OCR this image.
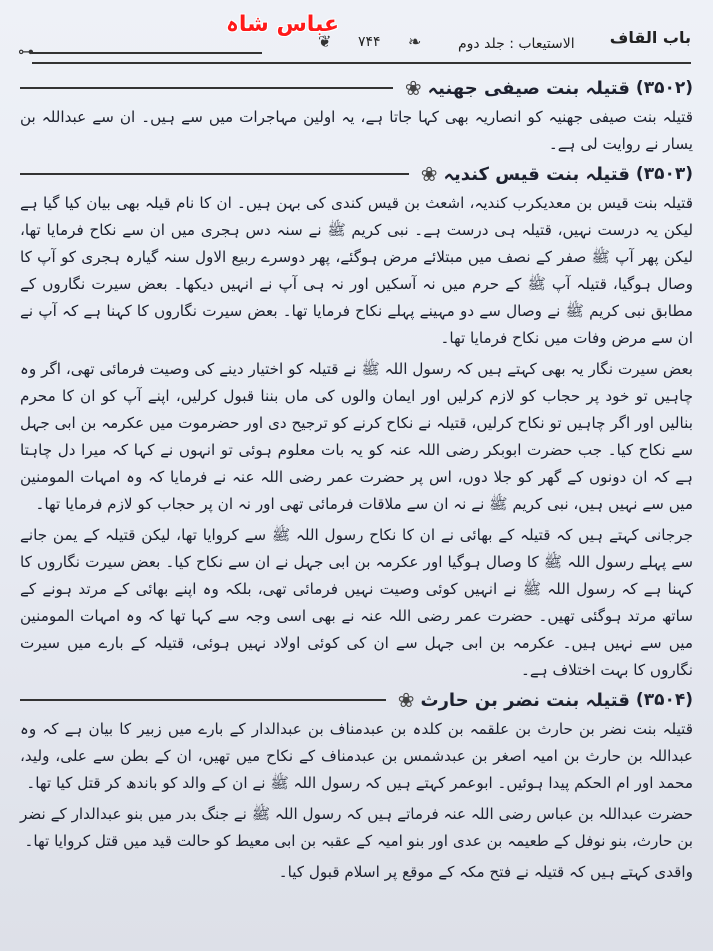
⊶
عباس شاہ
باب القاف
❦ ۷۴۴ ❧	الاستیعاب : جلد دوم
(۳۵۰۲)
قتیلہ بنت صیفی جھنیہ
❀

قتیلہ بنت صیفی جھنیہ کو انصاریہ بھی کہا جاتا ہے، یہ اولین مہاجرات میں سے ہیں۔ ان سے عبداللہ بن یسار نے روایت لی ہے۔

(۳۵۰۳)
قتیلہ بنت قیس کندیہ
❀

قتیلہ بنت قیس بن معدیکرب کندیہ، اشعث بن قیس کندی کی بہن ہیں۔ ان کا نام قیلہ بھی بیان کیا گیا ہے لیکن یہ درست نہیں، قتیلہ ہی درست ہے۔ نبی کریم ﷺ نے سنہ دس ہجری میں ان سے نکاح فرمایا تھا، لیکن پھر آپ ﷺ صفر کے نصف میں مبتلائے مرض ہوگئے، پھر دوسرے ربیع الاول سنہ گیارہ ہجری کو آپ کا وصال ہوگیا، قتیلہ آپ ﷺ کے حرم میں نہ آسکیں اور نہ ہی آپ نے انہیں دیکھا۔ بعض سیرت نگاروں کے مطابق نبی کریم ﷺ نے وصال سے دو مہینے پہلے نکاح فرمایا تھا۔ بعض سیرت نگاروں کا کہنا ہے کہ آپ نے ان سے مرض وفات میں نکاح فرمایا تھا۔

بعض سیرت نگار یہ بھی کہتے ہیں کہ رسول اللہ ﷺ نے قتیلہ کو اختیار دینے کی وصیت فرمائی تھی، اگر وہ چاہیں تو خود پر حجاب کو لازم کرلیں اور ایمان والوں کی ماں بننا قبول کرلیں، اپنے آپ کو ان کا محرم بنالیں اور اگر چاہیں تو نکاح کرلیں، قتیلہ نے نکاح کرنے کو ترجیح دی اور حضرموت میں عکرمہ بن ابی جہل سے نکاح کیا۔ جب حضرت ابوبکر رضی اللہ عنہ کو یہ بات معلوم ہوئی تو انہوں نے کہا کہ میرا دل چاہتا ہے کہ ان دونوں کے گھر کو جلا دوں، اس پر حضرت عمر رضی اللہ عنہ نے فرمایا کہ وہ امہات المومنین میں سے نہیں ہیں، نبی کریم ﷺ نے نہ ان سے ملاقات فرمائی تھی اور نہ ان پر حجاب کو لازم فرمایا تھا۔

جرجانی کہتے ہیں کہ قتیلہ کے بھائی نے ان کا نکاح رسول اللہ ﷺ سے کروایا تھا، لیکن قتیلہ کے یمن جانے سے پہلے رسول اللہ ﷺ کا وصال ہوگیا اور عکرمہ بن ابی جہل نے ان سے نکاح کیا۔ بعض سیرت نگاروں کا کہنا ہے کہ رسول اللہ ﷺ نے انہیں کوئی وصیت نہیں فرمائی تھی، بلکہ وہ اپنے بھائی کے مرتد ہونے کے ساتھ مرتد ہوگئی تھیں۔ حضرت عمر رضی اللہ عنہ نے بھی اسی وجہ سے کہا تھا کہ وہ امہات المومنین میں سے نہیں ہیں۔ عکرمہ بن ابی جہل سے ان کی کوئی اولاد نہیں ہوئی، قتیلہ کے بارے میں سیرت نگاروں کا بہت اختلاف ہے۔

(۳۵۰۴)
قتیلہ بنت نضر بن حارث
❀

قتیلہ بنت نضر بن حارث بن علقمہ بن کلدہ بن عبدمناف بن عبدالدار کے بارے میں زبیر کا بیان ہے کہ وہ عبداللہ بن حارث بن امیہ اصغر بن عبدشمس بن عبدمناف کے نکاح میں تھیں، ان کے بطن سے علی، ولید، محمد اور ام الحکم پیدا ہوئیں۔ ابوعمر کہتے ہیں کہ رسول اللہ ﷺ نے ان کے والد کو باندھ کر قتل کیا تھا۔

حضرت عبداللہ بن عباس رضی اللہ عنہ فرماتے ہیں کہ رسول اللہ ﷺ نے جنگ بدر میں بنو عبدالدار کے نضر بن حارث، بنو نوفل کے طعیمہ بن عدی اور بنو امیہ کے عقبہ بن ابی معیط کو حالت قید میں قتل کروایا تھا۔

واقدی کہتے ہیں کہ قتیلہ نے فتح مکہ کے موقع پر اسلام قبول کیا۔
